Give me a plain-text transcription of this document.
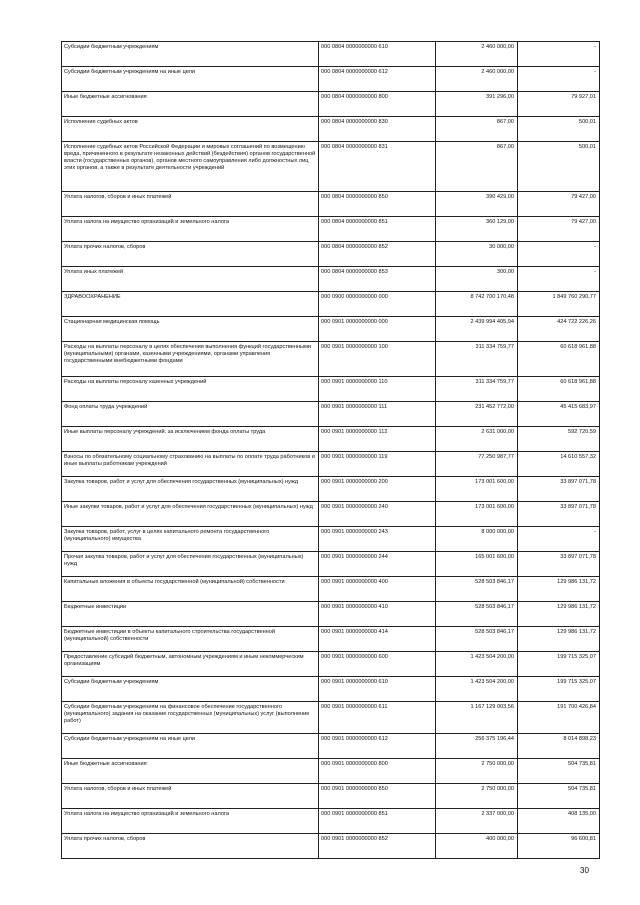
Субсидии бюджетным учреждениям	000 0804 0000000000 610	2 460 000,00	-
Субсидии бюджетным учреждениям на иные цели	000 0804 0000000000 612	2 460 000,00	-
Иные бюджетные ассигнования	000 0804 0000000000 800	391 296,00	79 927,01
Исполнение судебных актов	000 0804 0000000000 830	867,00	500,01
Исполнение судебных актов Российской Федерации и мировых соглашений по возмещению вреда, причиненного в результате незаконных действий (бездействия) органов государственной власти (государственных органов), органов местного самоуправления либо должностных лиц этих органов, а также в результате деятельности учреждений	000 0804 0000000000 831	867,00	500,01
Уплата налогов, сборов и иных платежей	000 0804 0000000000 850	390 429,00	79 427,00
Уплата налога на имущество организаций и земельного налога	000 0804 0000000000 851	360 129,00	79 427,00
Уплата прочих налогов, сборов	000 0804 0000000000 852	30 000,00	-
Уплата иных платежей	000 0804 0000000000 853	300,00	-
ЗДРАВООХРАНЕНИЕ	000 0900 0000000000 000	8 742 700 170,48	1 849 760 290,77
Стационарная медицинская помощь	000 0901 0000000000 000	2 439 994 405,94	424 722 226,26
Расходы на выплаты персоналу в целях обеспечения выполнения функций государственными (муниципальными) органами, казенными учреждениями, органами управления государственными внебюджетными фондами	000 0901 0000000000 100	311 334 759,77	60 618 961,88
Расходы на выплаты персоналу казенных учреждений	000 0901 0000000000 110	311 334 759,77	60 618 961,88
Фонд оплаты труда учреждений	000 0901 0000000000 111	231 452 772,00	45 415 683,97
Иные выплаты персоналу учреждений, за исключением фонда оплаты труда	000 0901 0000000000 112	2 631 000,00	592 720,59
Взносы по обязательному социальному страхованию на выплаты по оплате труда работников и иные выплаты работникам учреждений	000 0901 0000000000 119	77 250 987,77	14 610 557,32
Закупка товаров, работ и услуг для обеспечения государственных (муниципальных) нужд	000 0901 0000000000 200	173 001 600,00	33 897 071,78
Иные закупки товаров, работ и услуг для обеспечения государственных (муниципальных) нужд	000 0901 0000000000 240	173 001 600,00	33 897 071,78
Закупка товаров, работ, услуг в целях капитального ремонта государственного (муниципального) имущества	000 0901 0000000000 243	8 000 000,00	-
Прочая закупка товаров, работ и услуг для обеспечения государственных (муниципальных) нужд	000 0901 0000000000 244	165 001 600,00	33 897 071,78
Капитальные вложения в объекты государственной (муниципальной) собственности	000 0901 0000000000 400	528 503 846,17	129 986 131,72
Бюджетные инвестиции	000 0901 0000000000 410	528 503 846,17	129 986 131,72
Бюджетные инвестиции в объекты капитального строительства государственной (муниципальной) собственности	000 0901 0000000000 414	528 503 846,17	129 986 131,72
Предоставление субсидий бюджетным, автономным учреждениям и иным некоммерческим организациям	000 0901 0000000000 600	1 423 504 200,00	199 715 325,07
Субсидии бюджетным учреждениям	000 0901 0000000000 610	1 423 504 200,00	199 715 325,07
Субсидии бюджетным учреждениям на финансовое обеспечение государственного (муниципального) задания на оказание государственных (муниципальных) услуг (выполнение работ)	000 0901 0000000000 611	1 167 129 003,56	191 700 426,84
Субсидии бюджетным учреждениям на иные цели	000 0901 0000000000 612	256 375 196,44	8 014 898,23
Иные бюджетные ассигнования	000 0901 0000000000 800	2 750 000,00	504 735,81
Уплата налогов, сборов и иных платежей	000 0901 0000000000 850	2 750 000,00	504 735,81
Уплата налога на имущество организаций и земельного налога	000 0901 0000000000 851	2 337 000,00	408 135,00
Уплата прочих налогов, сборов	000 0901 0000000000 852	400 000,00	96 600,81
30
